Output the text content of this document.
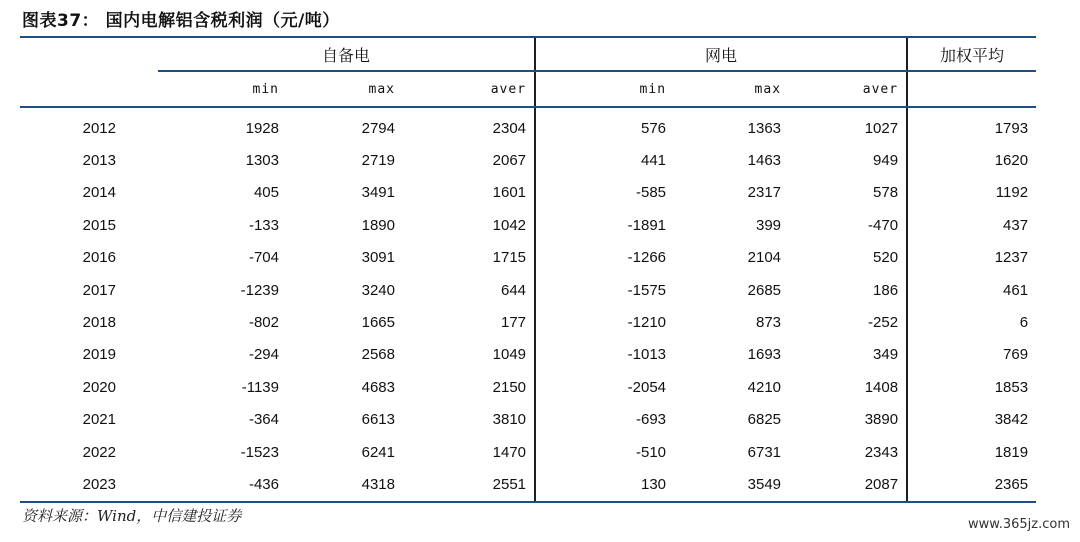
图表37： 国内电解铝含税利润（元/吨）
	自备电			网电			加权平均
	min	max	aver	min	max	aver	
2012	1928	2794	2304	576	1363	1027	1793
2013	1303	2719	2067	441	1463	949	1620
2014	405	3491	1601	-585	2317	578	1192
2015	-133	1890	1042	-1891	399	-470	437
2016	-704	3091	1715	-1266	2104	520	1237
2017	-1239	3240	644	-1575	2685	186	461
2018	-802	1665	177	-1210	873	-252	6
2019	-294	2568	1049	-1013	1693	349	769
2020	-1139	4683	2150	-2054	4210	1408	1853
2021	-364	6613	3810	-693	6825	3890	3842
2022	-1523	6241	1470	-510	6731	2343	1819
2023	-436	4318	2551	130	3549	2087	2365
资料来源：Wind，中信建投证券	www.365jz.com
